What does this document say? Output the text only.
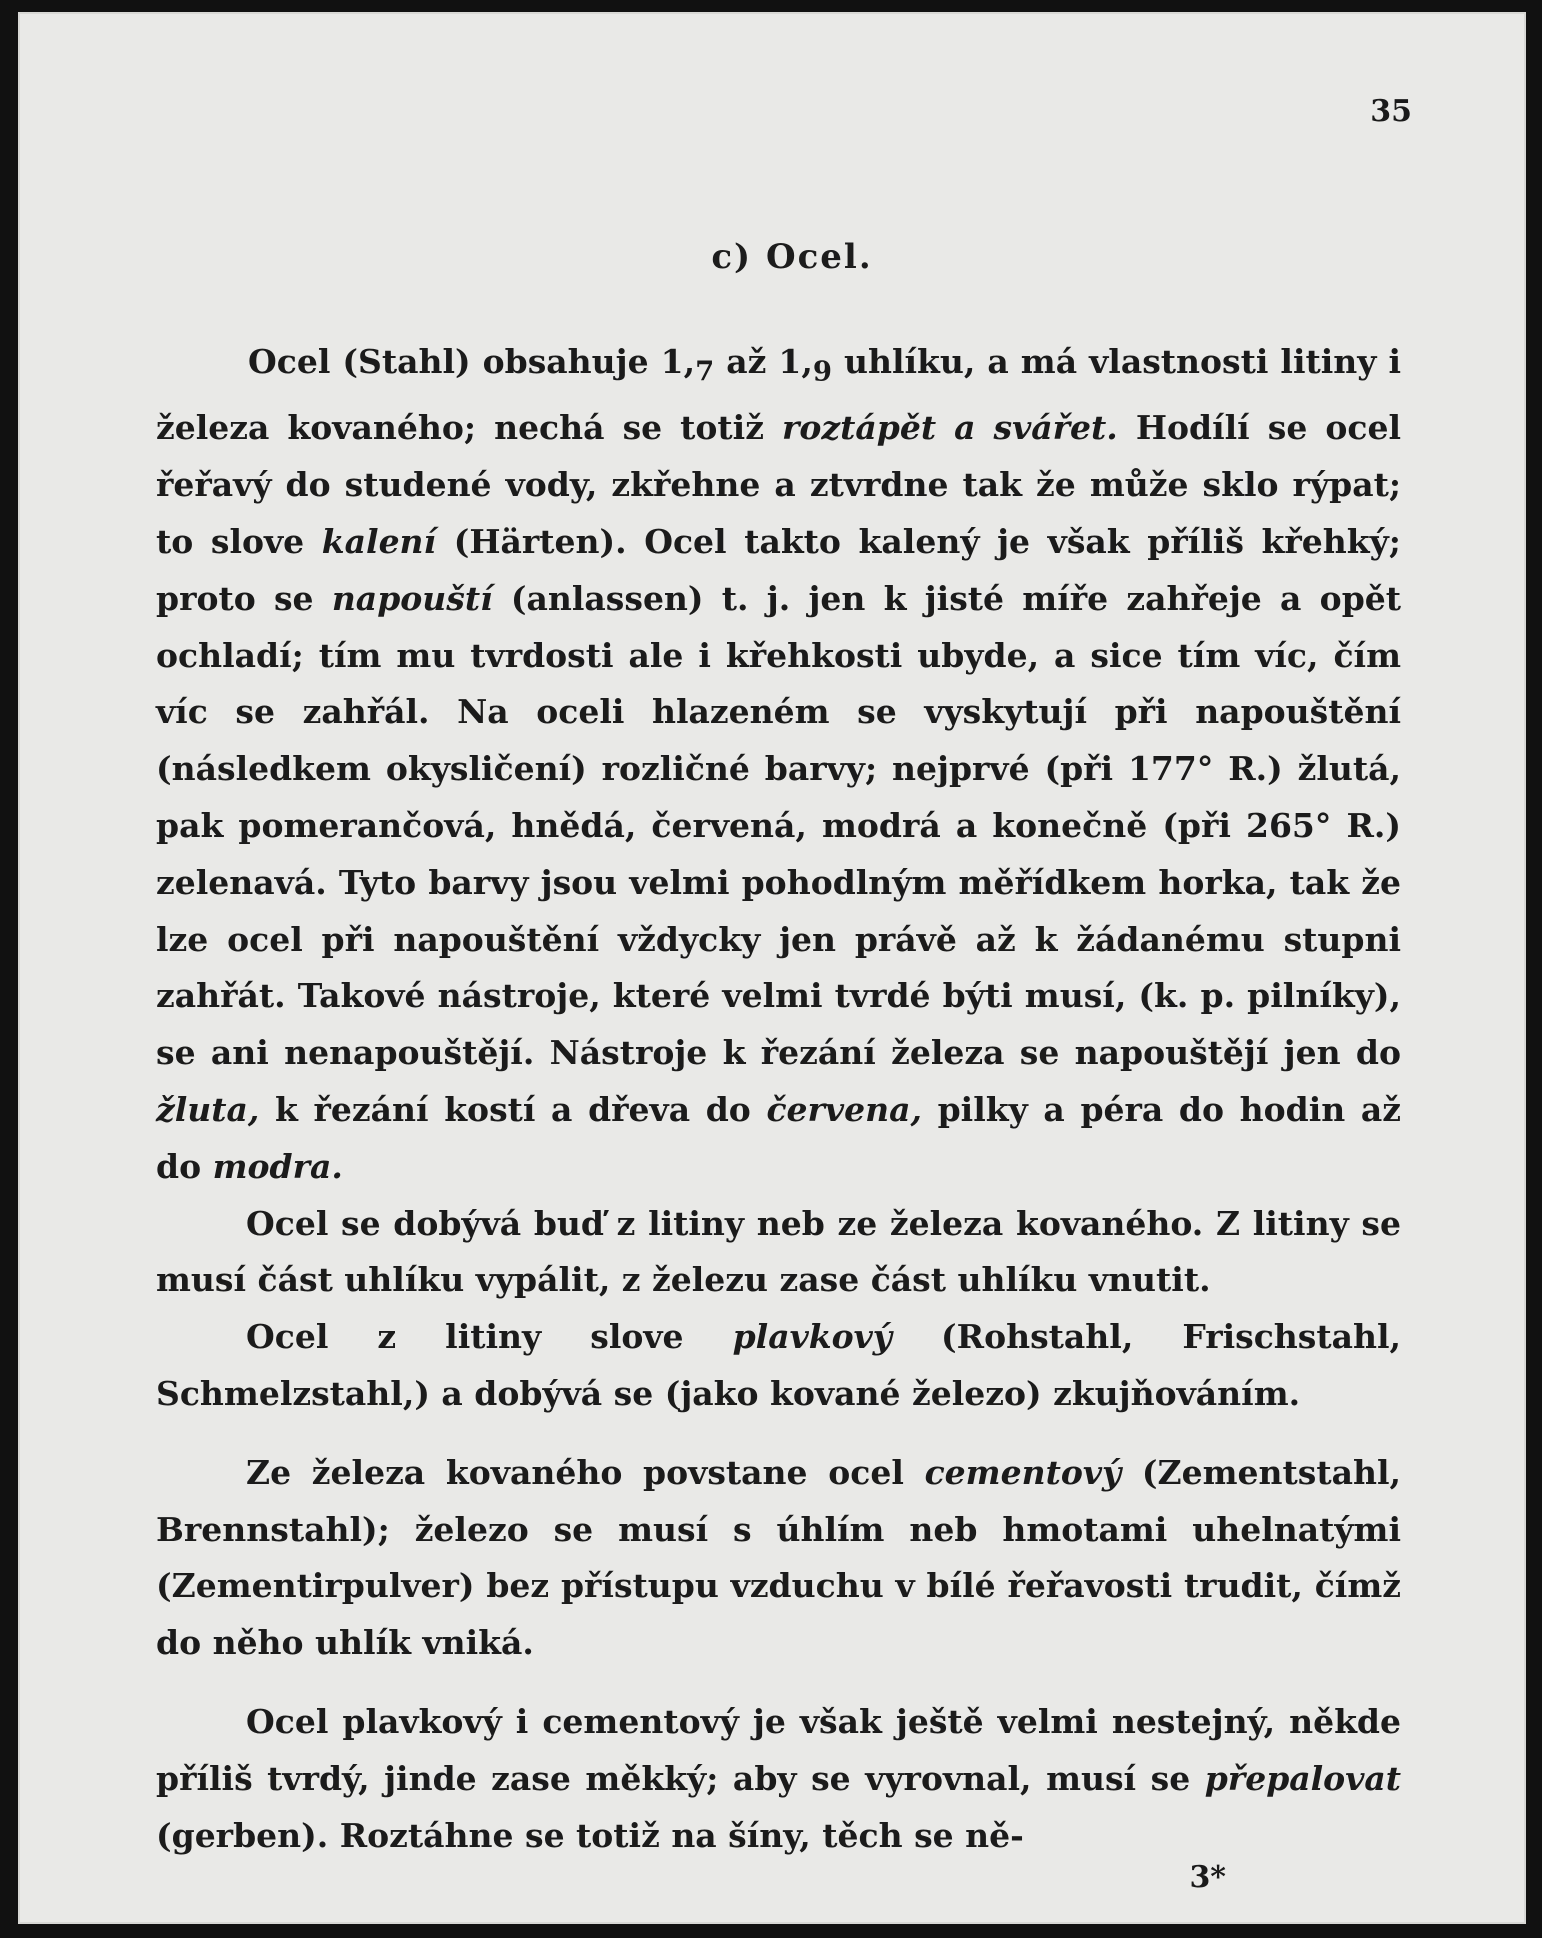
35
c) Ocel.

Ocel (Stahl) obsahuje $1,_7$ až $1,_9$ uhlíku, a má vlastnosti litiny i železa kovaného; nechá se totiž roztápět a svářet. Hodílí se ocel řeřavý do studené vody, zkřehne a ztvrdne tak že může sklo rýpat; to slove kalení (Härten). Ocel takto kalený je však příliš křehký; proto se napouští (anlassen) t. j. jen k jisté míře zahřeje a opět ochladí; tím mu tvrdosti ale i křehkosti ubyde, a sice tím víc, čím víc se zahřál. Na oceli hlazeném se vyskytují při napouštění (následkem okysličení) rozličné barvy; nejprvé (při 177° R.) žlutá, pak pomerančová, hnědá, červená, modrá a konečně (při 265° R.) zelenavá. Tyto barvy jsou velmi pohodlným měřídkem horka, tak že lze ocel při napouštění vždycky jen právě až k žádanému stupni zahřát. Takové nástroje, které velmi tvrdé býti musí, (k. p. pilníky), se ani nenapouštějí. Nástroje k řezání železa se napouštějí jen do žluta, k řezání kostí a dřeva do červena, pilky a péra do hodin až do modra.

Ocel se dobývá buď z litiny neb ze železa kovaného. Z litiny se musí část uhlíku vypálit, z železu zase část uhlíku vnutit.

Ocel z litiny slove plavkový (Rohstahl, Frischstahl, Schmelzstahl,) a dobývá se (jako kované železo) zkujňováním.

Ze železa kovaného povstane ocel cementový (Zementstahl, Brennstahl); železo se musí s úhlím neb hmotami uhelnatými (Zementirpulver) bez přístupu vzduchu v bílé řeřavosti trudit, čímž do něho uhlík vniká.

Ocel plavkový i cementový je však ještě velmi nestejný, někde příliš tvrdý, jinde zase měkký; aby se vyrovnal, musí se přepalovat (gerben). Roztáhne se totiž na šíny, těch se ně-

3*
